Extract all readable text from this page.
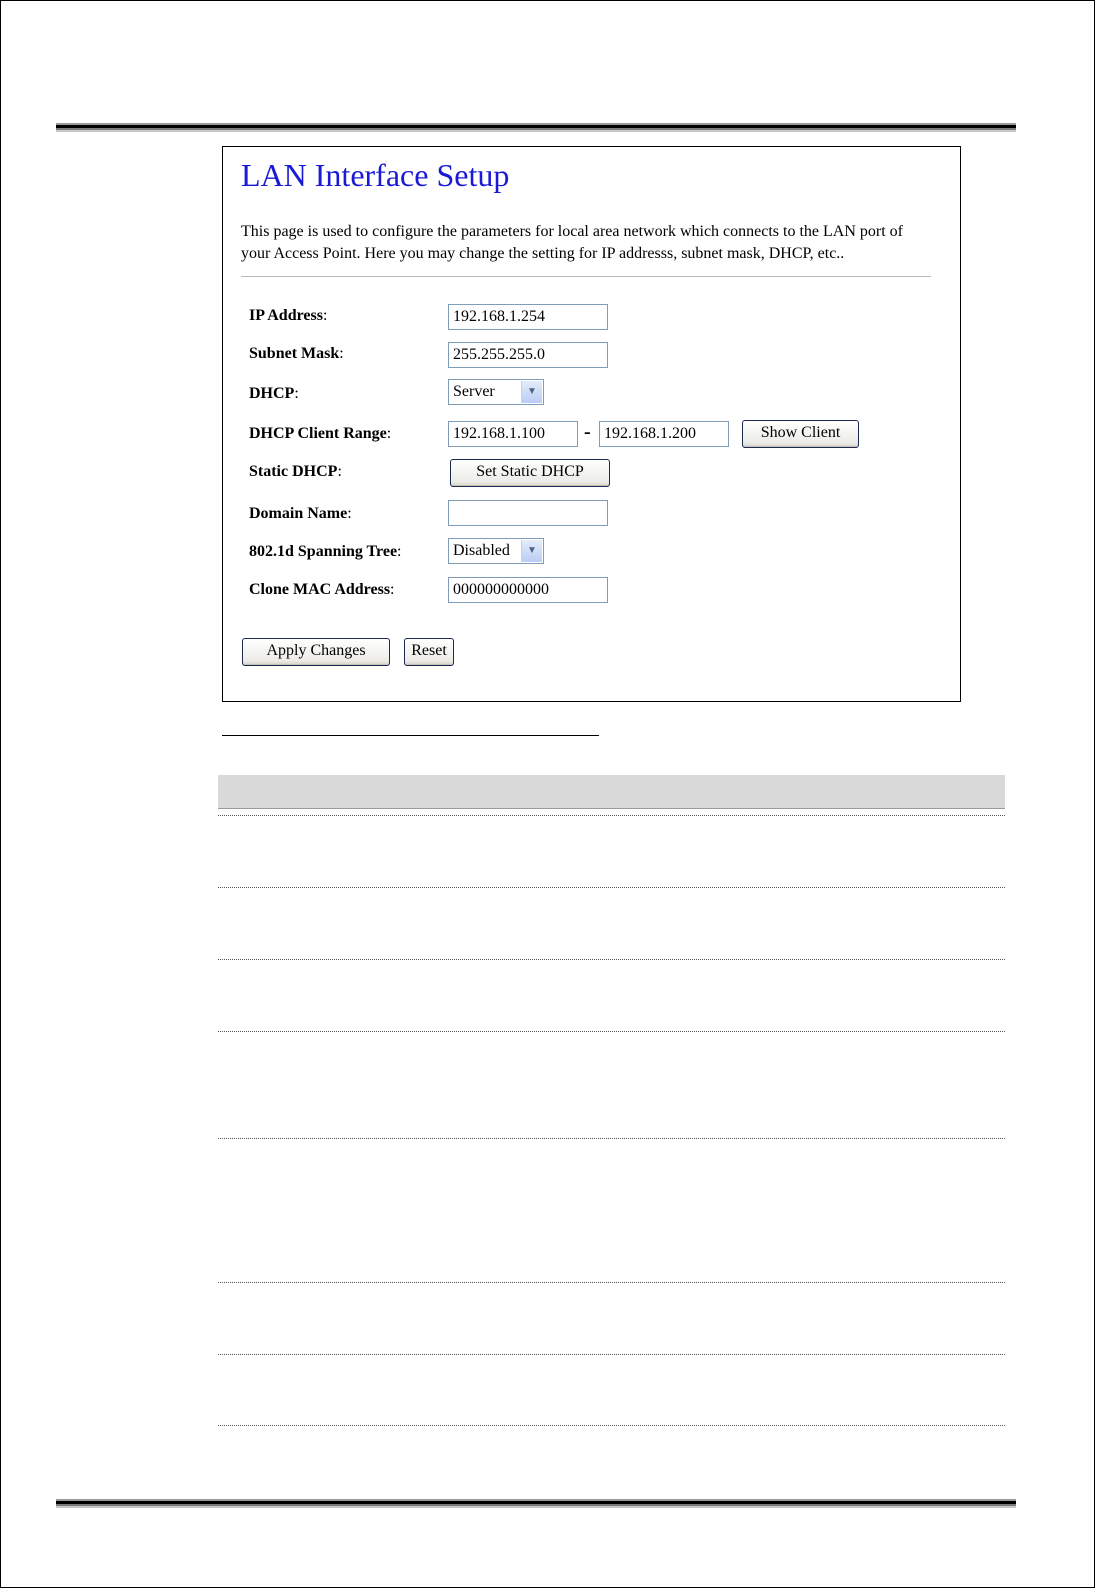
LAN Interface Setup
This page is used to configure the parameters for local area network which connects to the LAN port of your Access Point. Here you may change the setting for IP addresss, subnet mask, DHCP, etc..
IP Address:	192.168.1.254
Subnet Mask:	255.255.255.0
DHCP:	Server	▼
DHCP Client Range:	192.168.1.100	- 192.168.1.200	Show Client
Static DHCP:	Set Static DHCP
Domain Name:
802.1d Spanning Tree:	Disabled	▼
Clone MAC Address:	000000000000
Apply Changes	Reset
